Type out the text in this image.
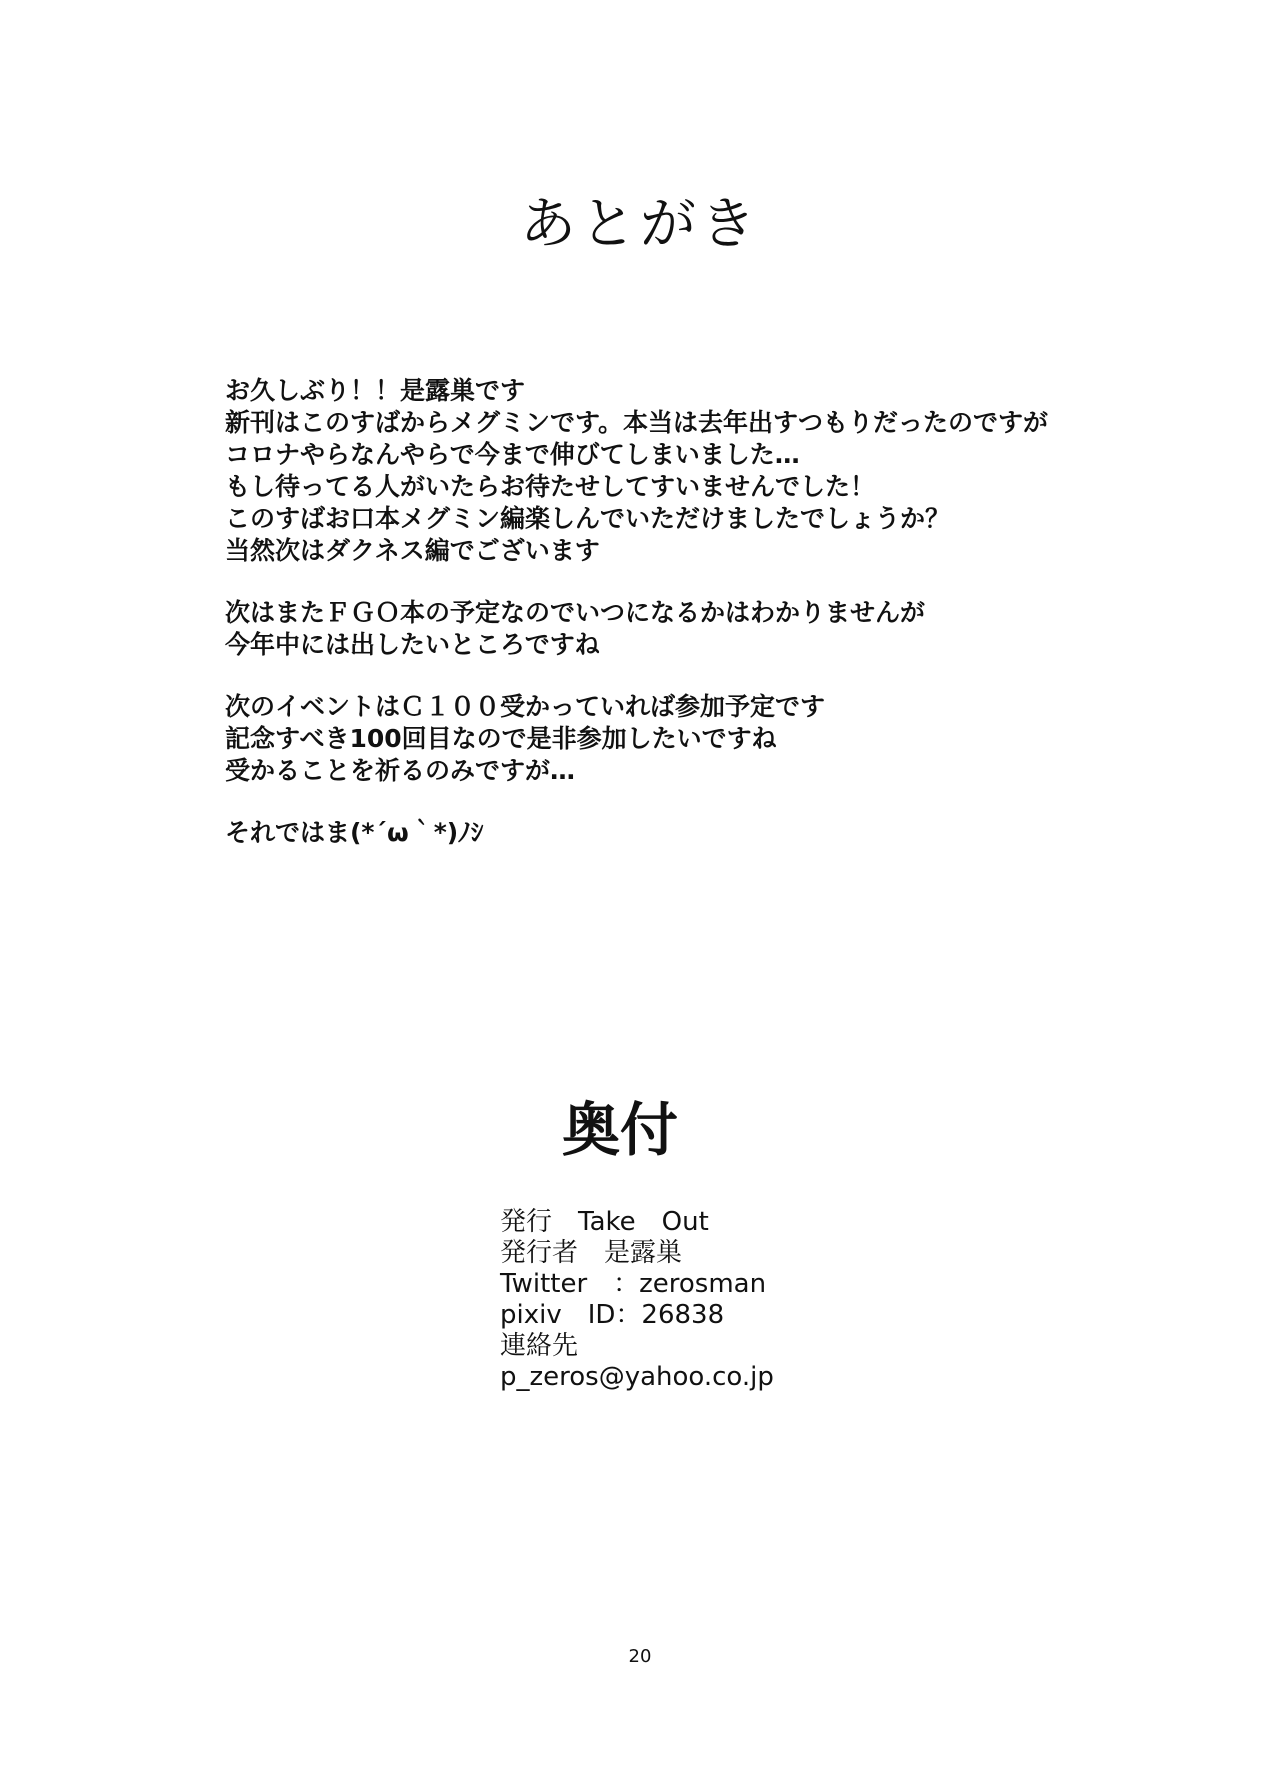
あとがき

お久しぶり！！是露巣です
新刊はこのすばからメグミンです。本当は去年出すつもりだったのですが
コロナやらなんやらで今まで伸びてしまいました…
もし待ってる人がいたらお待たせしてすいませんでした！
このすばお口本メグミン編楽しんでいただけましたでしょうか？
当然次はダクネス編でございます

次はまたＦＧＯ本の予定なのでいつになるかはわかりませんが
今年中には出したいところですね

次のイベントはＣ１００受かっていれば参加予定です
記念すべき100回目なので是非参加したいですね
受かることを祈るのみですが…

それではま(*´ω｀*)ﾉｼ

奥付
発行　Take　Out
発行者　是露巣
Twitter　：zerosman
pixiv　ID：26838
連絡先
p_zeros@yahoo.co.jp
20
